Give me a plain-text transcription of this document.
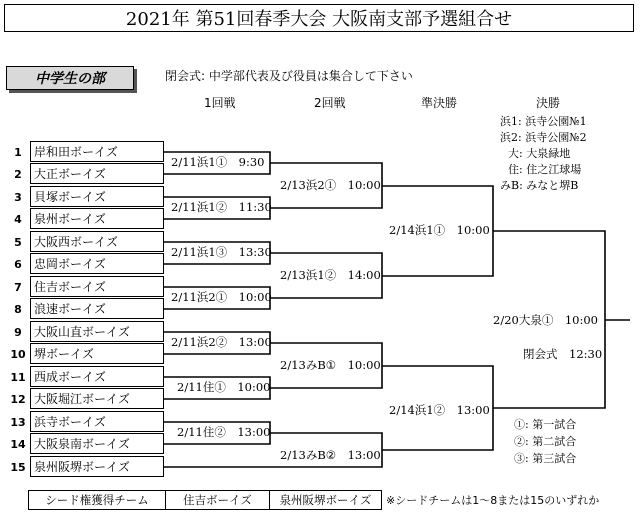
2021年 第51回春季大会 大阪南支部予選組合せ
中学生の部	閉会式: 中学部代表及び役員は集合して下さい
1回戦	2回戦	準決勝	決勝
1	岸和田ボーイズ
2	大正ボーイズ
3	貝塚ボーイズ
4	泉州ボーイズ
5	大阪西ボーイズ
6	忠岡ボーイズ
7	住吉ボーイズ
8	浪速ボーイズ
9	大阪山直ボーイズ
10 堺ボーイズ
11 西成ボーイズ
12 大阪堀江ボーイズ
13 浜寺ボーイズ
14 大阪泉南ボーイズ
15 泉州阪堺ボーイズ
2/11浜1①　9:30
2/11浜1②　11:30
2/11浜1③　13:30
2/11浜2①　10:00
2/11浜2②　13:00
2/11住①　10:00
2/11住②　13:00
2/13浜2①　10:00
2/13浜1②　14:00
2/13みB①　10:00
2/13みB②　13:00
2/14浜1①　10:00
2/14浜1②　13:00
2/20大泉①　10:00
閉会式　12:30
浜1: 浜寺公園№1
浜2: 浜寺公園№2
大: 大泉緑地
住: 住之江球場
みB: みなと堺B
①: 第一試合
②: 第二試合
③: 第三試合
シード権獲得チーム	住吉ボーイズ	泉州阪堺ボーイズ	※シードチームは1～8または15のいずれか
